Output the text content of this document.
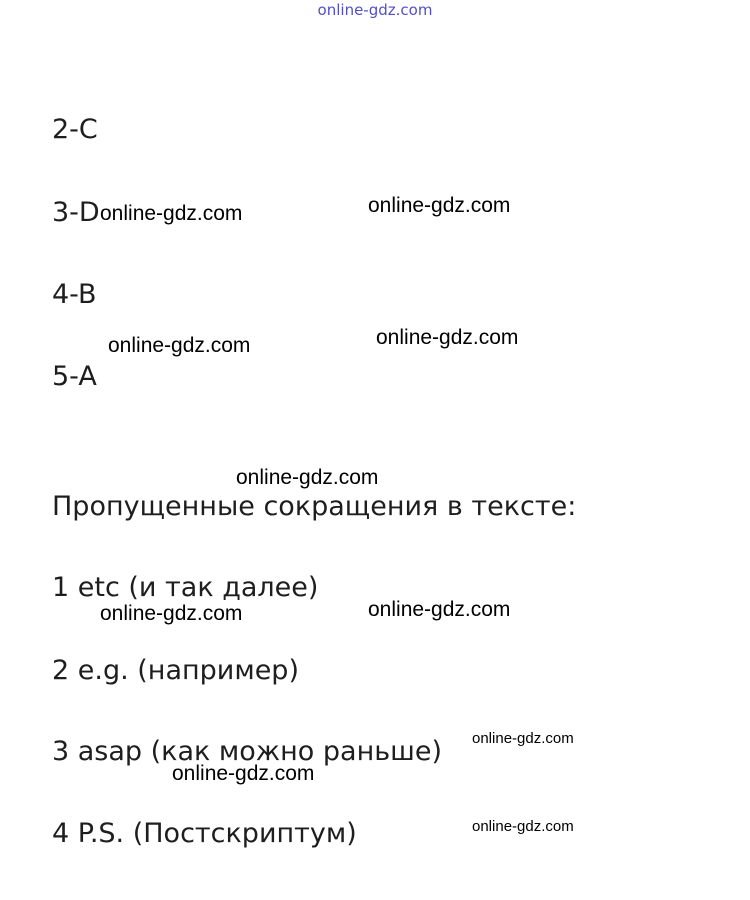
online-gdz.com

2-C

3-D

4-B

5-A

Пропущенные сокращения в тексте:

1 etc (и так далее)

2 e.g. (например)

3 asap (как можно раньше)

4 P.S. (Постскриптум)

online-gdz.com	online-gdz.com
online-gdz.com	online-gdz.com
online-gdz.com
online-gdz.com	online-gdz.com
online-gdz.com
online-gdz.com
online-gdz.com
